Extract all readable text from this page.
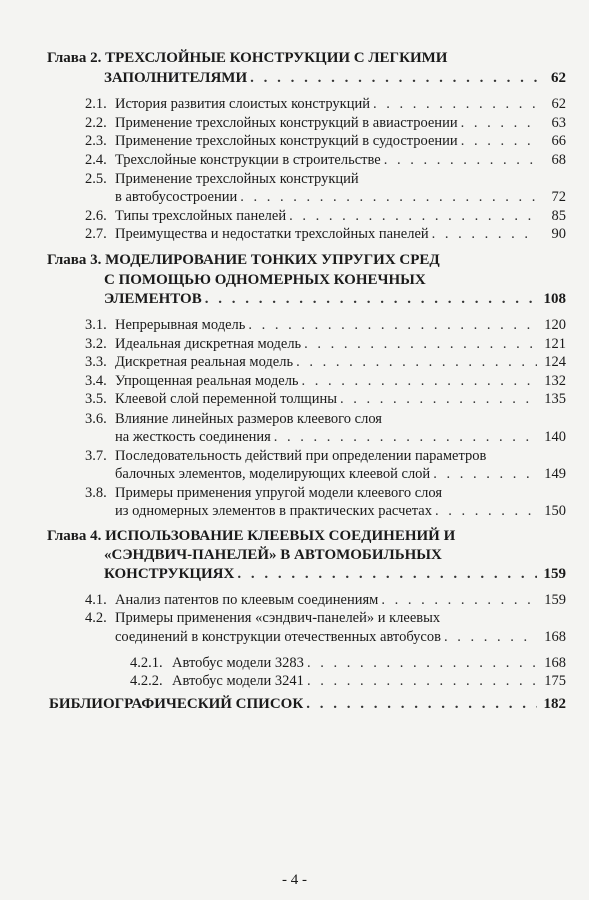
Глава 2. ТРЕХСЛОЙНЫЕ КОНСТРУКЦИИ С ЛЕГКИМИ
ЗАПОЛНИТЕЛЯМИ . . .	62
2.1. История развития слоистых конструкций . . .	62
2.2. Применение трехслойных конструкций в авиастроении . . .	63
2.3. Применение трехслойных конструкций в судостроении . . .	66
2.4. Трехслойные конструкции в строительстве . . .	68
2.5. Применение трехслойных конструкций
в автобусостроении . . .	72
2.6. Типы трехслойных панелей . . .	85
2.7. Преимущества и недостатки трехслойных панелей . . .	90
Глава 3. МОДЕЛИРОВАНИЕ ТОНКИХ УПРУГИХ СРЕД
С ПОМОЩЬЮ ОДНОМЕРНЫХ КОНЕЧНЫХ
ЭЛЕМЕНТОВ . . .	108
3.1. Непрерывная модель . . .	120
3.2. Идеальная дискретная модель . . .	121
3.3. Дискретная реальная модель . . .	124
3.4. Упрощенная реальная модель . . .	132
3.5. Клеевой слой переменной толщины . . .	135
3.6. Влияние линейных размеров клеевого слоя
на жесткость соединения . . .	140
3.7. Последовательность действий при определении параметров
балочных элементов, моделирующих клеевой слой . . .	149
3.8. Примеры применения упругой модели клеевого слоя
из одномерных элементов в практических расчетах . . .	150
Глава 4. ИСПОЛЬЗОВАНИЕ КЛЕЕВЫХ СОЕДИНЕНИЙ И
«СЭНДВИЧ-ПАНЕЛЕЙ» В АВТОМОБИЛЬНЫХ
КОНСТРУКЦИЯХ . . .	159
4.1. Анализ патентов по клеевым соединениям . . .	159
4.2. Примеры применения «сэндвич-панелей» и клеевых
соединений в конструкции отечественных автобусов . . .	168
4.2.1. Автобус модели 3283 . . .	168
4.2.2. Автобус модели 3241 . . .	175
БИБЛИОГРАФИЧЕСКИЙ СПИСОК . . .	182
- 4 -
